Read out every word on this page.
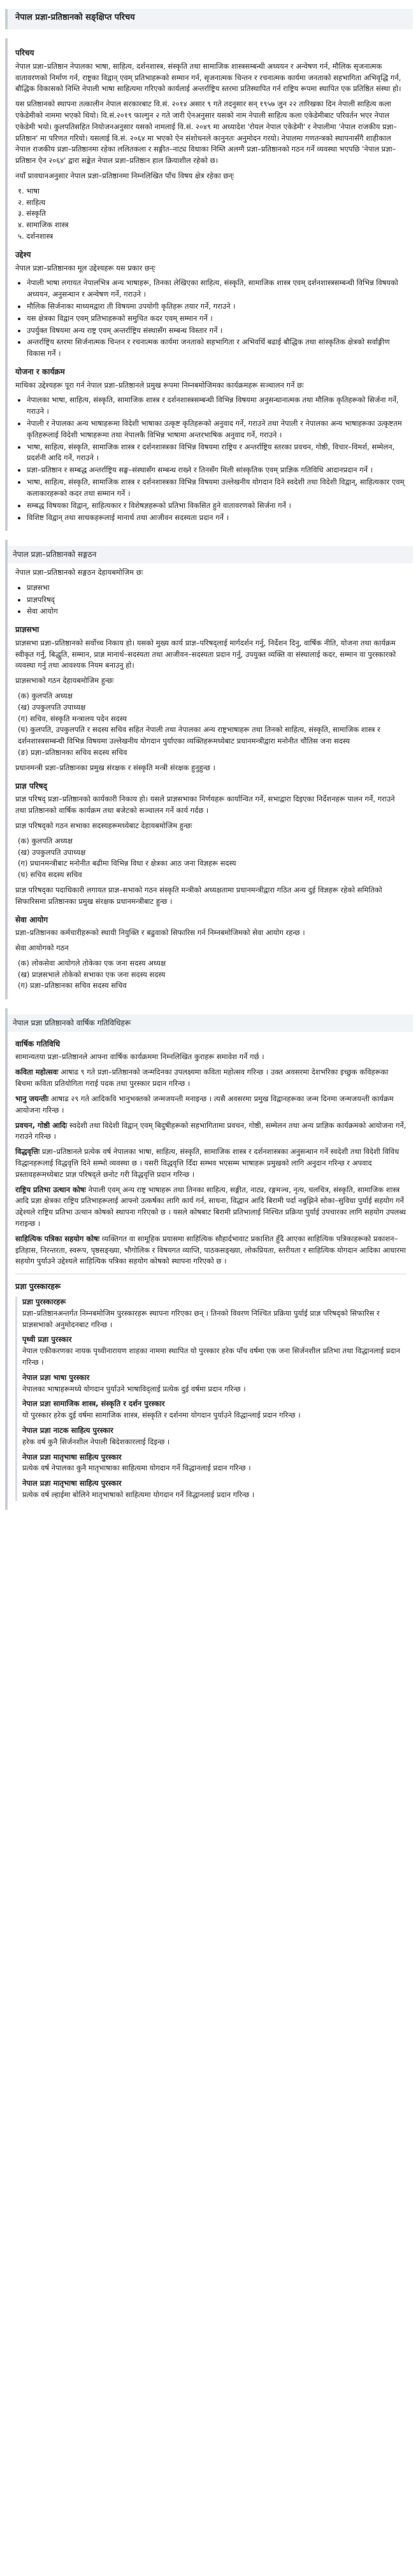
नेपाल प्रज्ञा-प्रतिष्ठानको सङ्क्षिप्त परिचय
परिचय

नेपाल प्रज्ञा–प्रतिष्ठान नेपालका भाषा, साहित्य, दर्शनशास्त्र, संस्कृति तथा सामाजिक शास्त्रसम्बन्धी अध्ययन र अन्वेषण गर्न, मौलिक सृजनात्मक वातावरणको निर्माण गर्न, राष्ट्रका विद्वान् एवम् प्रतिभाहरूको सम्मान गर्न, सृजनात्मक चिन्तन र रचनात्मक कार्यमा जनताको सहभागिता अभिवृद्धि गर्न, बौद्धिक विकासको निम्ति नेपाली भाषा साहित्यमा गरिएको कार्यलाई अन्तर्राष्ट्रिय स्तरमा प्रतिस्थापित गर्न राष्ट्रिय रूपमा स्थापित एक प्रतिष्ठित संस्था हो।

यस प्रतिष्ठानको स्थापना तत्कालीन नेपाल सरकारबाट वि.सं. २०१४ असार ९ गते तदनुसार सन् १९५७ जुन २२ तारिखका दिन नेपाली साहित्य कला एकेडेमीको नाममा भएको थियो। वि.सं.२०१९ फाल्गुन २ गते जारी ऐनअनुसार यसको नाम नेपाली साहित्य कला एकेडेमीबाट परिवर्तन भएर नेपाल एकेडेमी भयो। कुलपतिसहित नियोजनअनुसार यसको नामलाई वि.सं. २०४९ मा अध्यादेश 'रोयल नेपाल एकेडेमी' र नेपालीमा 'नेपाल राजकीय प्रज्ञा–प्रतिष्ठान' मा परिणत गरियो। यसलाई वि.सं. २०६४ मा भएको ऐन संशोधनले कानुनतः अनुमोदन गरयो। नेपालमा गणतन्त्रको स्थापनासँगै शाहीकाल नेपाल राजकीय प्रज्ञा–प्रतिष्ठानमा रहेका ललितकला र सङ्गीत–नाट्य विधाका निम्ति अलग्गै प्रज्ञा–प्रतिष्ठानको गठन गर्ने व्यवस्था भएपछि 'नेपाल प्रज्ञा–प्रतिष्ठान ऐन २०६४' द्वारा सङ्केत नेपाल प्रज्ञा–प्रतिष्ठान हाल क्रियाशील रहेको छ।

नयाँ प्रावधानअनुसार नेपाल प्रज्ञा–प्रतिष्ठानमा निम्नलिखित पाँच विषय क्षेत्र रहेका छन्ः

१. भाषा
२. साहित्य
३. संस्कृति
४. सामाजिक शास्त्र
५. दर्शनशास्त्र
उद्देश्य

नेपाल प्रज्ञा–प्रतिष्ठानका मूल उद्देश्यहरू यस प्रकार छन्ः

• नेपाली भाषा लगायत नेपालभित्र अन्य भाषाहरू, तिनका लेखिएका साहित्य, संस्कृति, सामाजिक शास्त्र एवम् दर्शनशास्त्रसम्बन्धी विभिन्न विषयको अध्ययन, अनुसन्धान र अन्वेषण गर्ने, गराउने ।
• मौलिक सिर्जनाका माध्यमद्वारा ती विषयमा उपयोगी कृतिहरू तयार गर्ने, गराउने ।
• यस क्षेत्रका विद्वान एवम् प्रतिभाहरूको समुचित कदर एवम् सम्मान गर्ने ।
• उपर्युक्त विषयमा अन्य राष्ट्र एवम् अन्तर्राष्ट्रिय संस्थासँग सम्बन्ध विस्तार गर्ने ।
• अन्तर्राष्ट्रिय स्तरमा सिर्जनात्मक चिन्तन र रचनात्मक कार्यमा जनताको सहभागिता र अभिवर्धि बढाई बौद्धिक तथा सांस्कृतिक क्षेत्रको सर्वाङ्गीण विकास गर्ने ।
योजना र कार्यक्रम

माथिका उद्देश्यहरू पूरा गर्न नेपाल प्रज्ञा–प्रतिष्ठानले प्रमुख रूपमा निम्नबमोजिमका कार्यक्रमहरू सञ्चालन गर्ने छः

• नेपालका भाषा, साहित्य, संस्कृति, सामाजिक शास्त्र र दर्शनशास्त्रसम्बन्धी विभिन्न विषयमा अनुसन्धानात्मक तथा मौलिक कृतिहरूको सिर्जना गर्ने, गराउने ।
• नेपाली र नेपालका अन्य भाषाहरूमा विदेशी भाषाका उत्कृष्ट कृतिहरूको अनुवाद गर्ने, गराउने तथा नेपाली र नेपालका अन्य भाषाहरूका उत्कृष्टतम कृतिहरूलाई विदेशी भाषाहरूमा तथा नेपालकै विभिन्न भाषामा अन्तरभाषिक अनुवाद गर्ने, गराउने ।
• भाषा, साहित्य, संस्कृति, सामाजिक शास्त्र र दर्शनशास्त्रका विभिन्न विषयमा राष्ट्रिय र अन्तर्राष्ट्रिय स्तरका प्रवचन, गोष्ठी, विचार–विमर्श, सम्मेलन, प्रदर्शनी आदि गर्ने, गराउने ।
• प्रज्ञा–प्रतिष्ठान र सम्बद्ध अन्तर्राष्ट्रिय सङ्घ–संस्थासँग सम्बन्ध राख्ने र तिनसँग मिली सांस्कृतिक एवम् प्राज्ञिक गतिविधि आदानप्रदान गर्ने ।
• भाषा, साहित्य, संस्कृति, सामाजिक शास्त्र र दर्शनशास्त्रका विभिन्न विषयमा उल्लेखनीय योगदान दिने स्वदेशी तथा विदेशी विद्वान्, साहित्यकार एवम् कलाकारहरूको कदर तथा सम्मान गर्ने ।
• सम्बद्ध विषयका विद्वान्, साहित्यकार र विशेषज्ञहरूको प्रतिभा विकसित हुने वातावरणको सिर्जना गर्ने ।
• विशिष्ट विद्वान् तथा साधकहरूलाई मानार्थ तथा आजीवन सदस्यता प्रदान गर्ने ।
नेपाल प्रज्ञा–प्रतिष्ठानको सङ्गठन

नेपाल प्रज्ञा–प्रतिष्ठानको सङ्गठन देहायबमोजिम छः

• प्राज्ञसभा
• प्राज्ञपरिषद्
• सेवा आयोग
प्राज्ञसभा

प्राज्ञसभा प्रज्ञा–प्रतिष्ठानको सर्वोच्च निकाय हो। यसको मुख्य कार्य प्राज्ञ–परिषद्लाई मार्गदर्शन गर्नु, निर्देशन दिनु, वार्षिक नीति, योजना तथा कार्यक्रम स्वीकृत गर्नु, बिद्धुति, सम्मान, प्राज्ञ मानार्थ–सदस्यता तथा आजीवन–सदस्यता प्रदान गर्नु, उपयुक्त व्यक्ति वा संस्थालाई कदर, सम्मान वा पुरस्कारको व्यवस्था गर्नु तथा आवश्यक नियम बनाउनु हो।

प्राज्ञसभाको गठन देहायबमोजिम हुन्छः

(क) कुलपति अध्यक्ष
(ख) उपकुलपति उपाध्यक्ष
(ग) सचिव, संस्कृति मन्त्रालय पदेन सदस्य
(घ) कुलपति, उपकुलपति र सदस्य सचिव सहित नेपाली तथा नेपालका अन्य राष्ट्रभाषाहरू तथा तिनको साहित्य, संस्कृति, सामाजिक शास्त्र र दर्शनशास्त्रसम्बन्धी विभिन्न विषयमा उल्लेखनीय योगदान पुर्याएका व्यक्तिहरूमध्येबाट प्रधानमन्त्रीद्वारा मनोनीत चौंतिस जना सदस्य
(ङ) प्रज्ञा–प्रतिष्ठानका सचिव सदस्य सचिव

प्रधानमन्त्री प्रज्ञा–प्रतिष्ठानका प्रमुख संरक्षक र संस्कृति मन्त्री संरक्षक हुनुहुन्छ ।

प्राज्ञ परिषद्

प्राज्ञ परिषद् प्रज्ञा–प्रतिष्ठानको कार्यकारी निकाय हो। यसले प्राज्ञसभाका निर्णयहरू कार्यान्वित गर्ने, सभाद्वारा दिइएका निर्देशनहरू पालन गर्ने, गराउने तथा प्रतिष्ठानको वार्षिक कार्यक्रम तथा बजेटको सञ्चालन गर्ने कार्य गर्दछ ।

प्राज्ञ परिषद्को गठन सभाका सदस्यहरूमध्येबाट देहायबमोजिम हुन्छः

(क) कुलपति अध्यक्ष
(ख) उपकुलपति उपाध्यक्ष
(ग) प्रधानमन्त्रीबाट मनोनीत बढीमा विभिन्न विधा र क्षेत्रका आठ जना विज्ञहरू सदस्य
(घ) सचिव सदस्य सचिव

प्राज्ञ परिषद्का पदाधिकारी लगायत प्राज्ञ–सभाको गठन संस्कृति मन्त्रीको अध्यक्षतामा प्रधानमन्त्रीद्वारा गठित अन्य दुई विज्ञहरू रहेको समितिको सिफारिसमा प्रतिष्ठानका प्रमुख संरक्षक प्रधानमन्त्रीबाट हुन्छ ।

सेवा आयोग

प्रज्ञा–प्रतिष्ठानका कर्मचारीहरूको स्थायी नियुक्ति र बढुवाको सिफारिस गर्न निम्नबमोजिमको सेवा आयोग रहन्छ ।

सेवा आयोगको गठन

(क) लोकसेवा आयोगले तोकेका एक जना सदस्य अध्यक्ष
(ख) प्राज्ञसभाले तोकेको सभाका एक जना सदस्य सदस्य
(ग) प्रज्ञा–प्रतिष्ठानका सचिव सदस्य सचिव
नेपाल प्रज्ञा प्रतिष्ठानको वार्षिक गतिविधिहरू
वार्षिक गतिविधि

सामान्यतया प्रज्ञा–प्रतिष्ठानले आफ्ना वार्षिक कार्यक्रममा निम्नलिखित कुराहरू समावेश गर्ने गर्छ ।

कविता महोत्सवः आषाढ ९ गते प्रज्ञा–प्रतिष्ठानको जन्मदिनका उपलक्ष्यमा कविता महोत्सव गरिन्छ । उक्त अवसरमा देशभरिका इच्छुक कविहरूका बिचमा कविता प्रतियोगिता गराई पदक तथा पुरस्कार प्रदान गरिन्छ ।

भानु जयन्तीः आषाढ २९ गते आदिकवि भानुभक्तको जन्मजयन्ती मनाइन्छ । त्यसै अवसरमा प्रमुख विद्वानहरूका जन्म दिनमा जन्मजयन्ती कार्यक्रम आयोजना गरिन्छ ।

प्रवचन, गोष्ठी आदिः स्वदेशी तथा विदेशी विद्वान् एवम् बिदुषीहरूको सहभागितामा प्रवचन, गोष्ठी, सम्मेलन तथा अन्य प्राज्ञिक कार्यक्रमको आयोजना गर्ने, गराउने गरिन्छ ।

विद्धवृत्तिः प्रज्ञा–प्रतिष्ठानले प्रत्येक वर्ष नेपालका भाषा, साहित्य, संस्कृति, सामाजिक शास्त्र र दर्शनशास्त्रका अनुसन्धान गर्ने स्वदेशी तथा विदेशी विविध विद्धानहरूलाई विद्धवृत्ति दिने सम्भो व्यवस्था छ । यसरी विद्धवृत्ति दिँदा सम्भव भएसम्म भाषाहरू प्रमुखको लागि अनुदान गरिन्छ र अपवाद प्रस्तावहरूमध्येबाट प्राज्ञ परिषद्ले छनोट गरी विद्धवृत्ति प्रदान गरिन्छ ।

राष्ट्रिय प्रतिभा उत्थान कोषः नेपाली एवम् अन्य राष्ट्र भाषाहरू तथा तिनका साहित्य, सङ्गीत, नाट्य, रङ्गमञ्च, नृत्य, चलचित्र, संस्कृति, सामाजिक शास्त्र आदि प्रज्ञा क्षेत्रका राष्ट्रिय प्रतिभाहरूलाई आफ्नो उत्कर्षका लागि कार्य गर्न, साधना, विद्धान आदि बिरामी पर्दा नबुझिने सोका–सुविधा पुर्याई सहयोग गर्ने उद्देश्यले राष्ट्रिय प्रतिभा उत्थान कोषको स्थापना गरिएको छ । यसले कोषबाट बिरामी प्रतिभालाई निश्चित प्रक्रिया पुर्याई उपचारका लागि सहयोग उपलब्ध गराइन्छ ।

साहित्यिक पत्रिका सहयोग कोषः व्यक्तिगत वा सामूहिक प्रयासमा साहित्यिक सौहार्दभावाट प्रकाशित हुँदै आएका साहित्यिक पत्रिकाहरूको प्रकाशन–इतिहास, निरन्तरता, स्वरूप, पृष्ठसङ्ख्या, भौगोलिक र विषयगत व्याप्ति, पाठकसङ्ख्या, लोकप्रियता, स्तरीयता र साहित्यिक योगदान आदिका आधारमा सहयोग पुर्याउने उद्देश्यले साहित्यिक पत्रिका सहयोग कोषको स्थापना गरिएको छ ।

प्रज्ञा पुरस्कारहरू
प्रज्ञा पुरस्कारहरू

प्रज्ञा–प्रतिष्ठानअन्तर्गत निम्नबमोजिम पुरस्कारहरू स्थापना गरिएका छन् । तिनको विवरण निश्चित प्रक्रिया पुर्याई प्राज्ञ परिषद्को सिफारिस र प्राज्ञसभाको अनुमोदनबाट गरिन्छ ।

पृथ्वी प्रज्ञा पुरस्कार

नेपाल एकीकरणका नायक पृथ्वीनारायण शाहका नाममा स्थापित यो पुरस्कार हरेक पाँच वर्षमा एक जना सिर्जनशील प्रतिभा तथा विद्धानलाई प्रदान गरिन्छ ।

नेपाल प्रज्ञा भाषा पुरस्कार

नेपालका भाषाहरूमध्ये योगदान पुर्याउने भाषाविद्लाई प्रत्येक दुई वर्षमा प्रदान गरिन्छ ।

नेपाल प्रज्ञा सामाजिक शास्त्र, संस्कृति र दर्शन पुरस्कार

यो पुरस्कार हरेक दुई वर्षमा सामाजिक शास्त्र, संस्कृति र दर्शनमा योगदान पुर्याउने विद्धान्लाई प्रदान गरिन्छ ।

नेपाल प्रज्ञा नाटक साहित्य पुरस्कार

हरेक वर्ष कुनै सिर्जनशील नेपाली बिदेशकारलाई दिइन्छ ।

नेपाल प्रज्ञा मातृभाषा साहित्य पुरस्कार

प्रत्येक वर्ष नेपालका कुनै मातृभाषाका साहित्यमा योगदान गर्ने विद्धानलाई प्रदान गरिन्छ ।

नेपाल प्रज्ञा मातृभाषा साहित्य पुरस्कार

प्रत्येक वर्ष ल्हाईमा बोलिने मातृभाषाको साहित्यमा योगदान गर्ने विद्धानलाई प्रदान गरिन्छ ।
